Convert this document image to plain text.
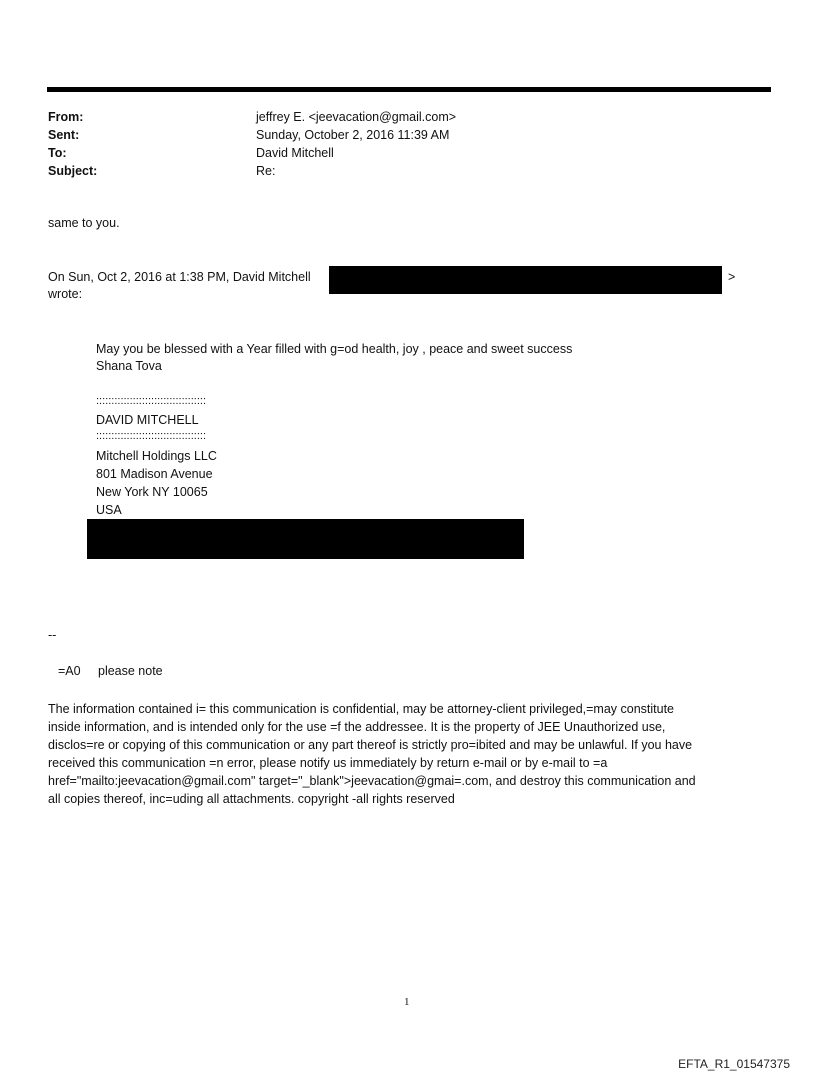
From:	jeffrey E. <jeevacation@gmail.com>
Sent:	Sunday, October 2, 2016 11:39 AM
To:	David Mitchell
Subject:	Re:
same to you.
On Sun, Oct 2, 2016 at 1:38 PM, David Mitchell	>
wrote:
May you be blessed with a Year filled with g=od health, joy , peace and sweet success
Shana Tova
::::::::::::::::::::::::::::::::::::
DAVID MITCHELL
::::::::::::::::::::::::::::::::::::
Mitchell Holdings LLC
801 Madison Avenue
New York NY 10065
USA
--
=A0 please note
The information contained i= this communication is confidential, may be attorney-client privileged,=may constitute
inside information, and is intended only for the use =f the addressee. It is the property of JEE Unauthorized use,
disclos=re or copying of this communication or any part thereof is strictly pro=ibited and may be unlawful. If you have
received this communication =n error, please notify us immediately by return e-mail or by e-mail to =a
href="mailto:jeevacation@gmail.com" target="_blank">jeevacation@gmai=.com, and destroy this communication and
all copies thereof, inc=uding all attachments. copyright -all rights reserved
1
EFTA_R1_01547375
